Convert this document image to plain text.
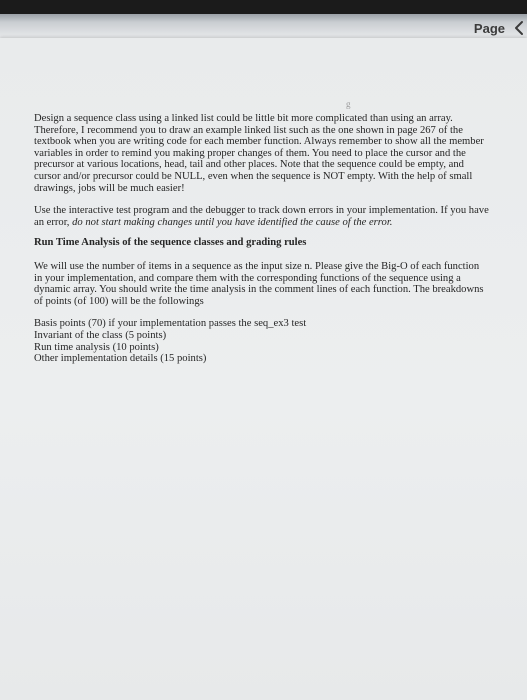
Page
g

Design a sequence class using a linked list could be little bit more complicated than using an array. Therefore, I recommend you to draw an example linked list such as the one shown in page 267 of the textbook when you are writing code for each member function. Always remember to show all the member variables in order to remind you making proper changes of them. You need to place the cursor and the precursor at various locations, head, tail and other places. Note that the sequence could be empty, and cursor and/or precursor could be NULL, even when the sequence is NOT empty. With the help of small drawings, jobs will be much easier!

Use the interactive test program and the debugger to track down errors in your implementation. If you have an error, do not start making changes until you have identified the cause of the error.

Run Time Analysis of the sequence classes and grading rules

We will use the number of items in a sequence as the input size n. Please give the Big-O of each function in your implementation, and compare them with the corresponding functions of the sequence using a dynamic array. You should write the time analysis in the comment lines of each function. The breakdowns of points (of 100) will be the followings

Basis points (70) if your implementation passes the seq_ex3 test
Invariant of the class (5 points)
Run time analysis (10 points)
Other implementation details (15 points)
